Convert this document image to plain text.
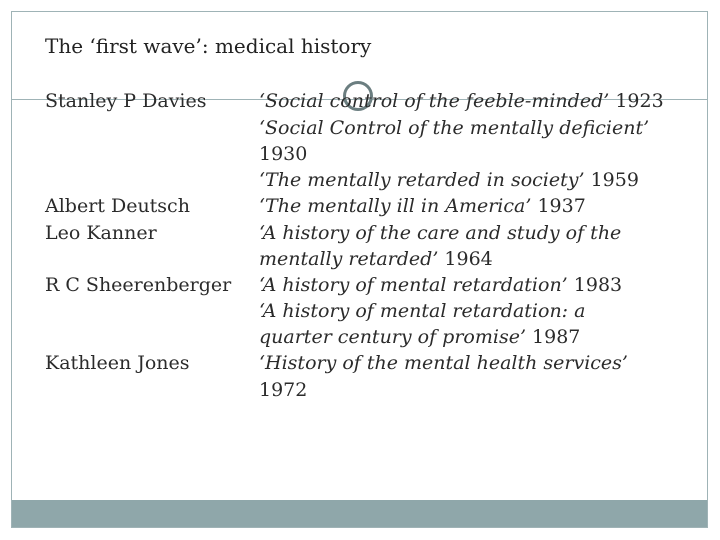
The ‘first wave’: medical history
Stanley P Davies
Albert Deutsch
Leo Kanner
R C Sheerenberger
Kathleen Jones
‘Social control of the feeble-minded’ 1923
‘Social Control of the mentally deficient’
1930
‘The mentally retarded in society’ 1959
‘The mentally ill in America’ 1937
‘A history of the care and study of the
mentally retarded’ 1964
‘A history of mental retardation’ 1983
‘A history of mental retardation: a
quarter century of promise’ 1987
‘History of the mental health services’
1972
